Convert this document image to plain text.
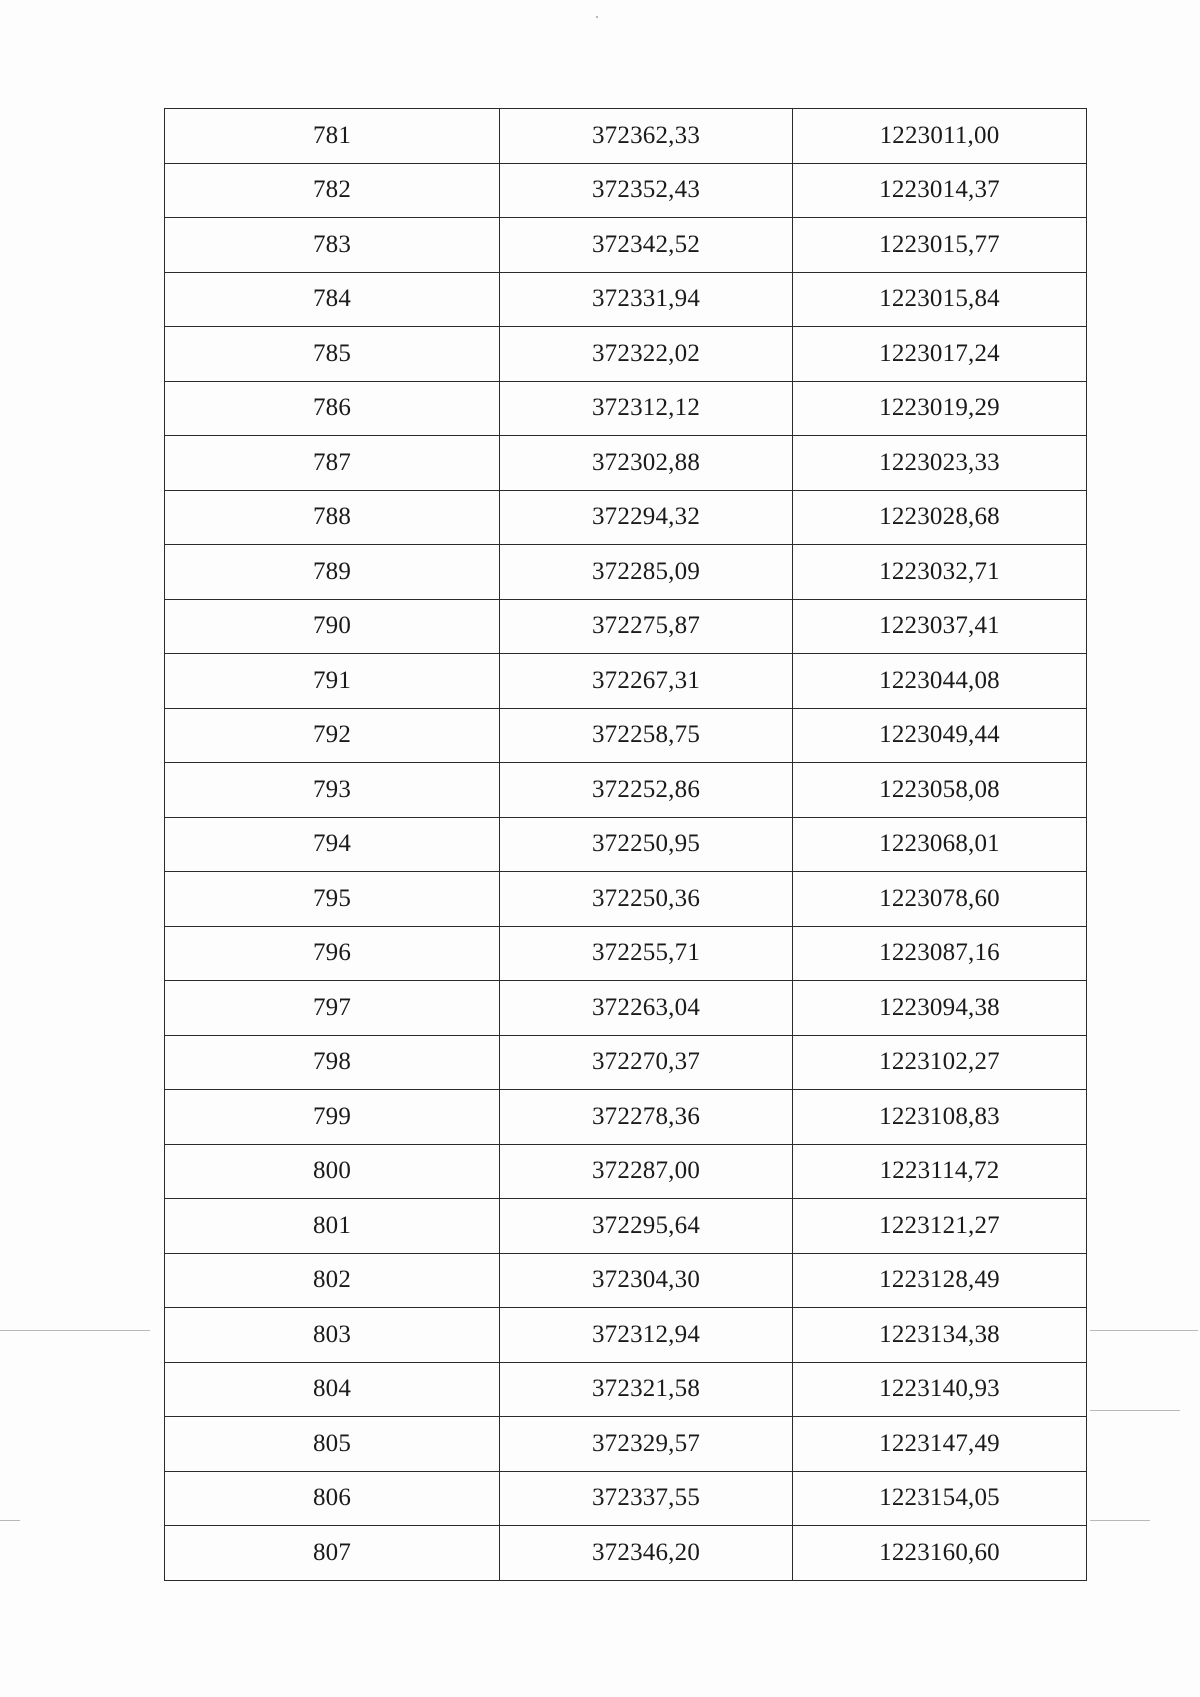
781	372362,33	1223011,00
782	372352,43	1223014,37
783	372342,52	1223015,77
784	372331,94	1223015,84
785	372322,02	1223017,24
786	372312,12	1223019,29
787	372302,88	1223023,33
788	372294,32	1223028,68
789	372285,09	1223032,71
790	372275,87	1223037,41
791	372267,31	1223044,08
792	372258,75	1223049,44
793	372252,86	1223058,08
794	372250,95	1223068,01
795	372250,36	1223078,60
796	372255,71	1223087,16
797	372263,04	1223094,38
798	372270,37	1223102,27
799	372278,36	1223108,83
800	372287,00	1223114,72
801	372295,64	1223121,27
802	372304,30	1223128,49
803	372312,94	1223134,38
804	372321,58	1223140,93
805	372329,57	1223147,49
806	372337,55	1223154,05
807	372346,20	1223160,60
